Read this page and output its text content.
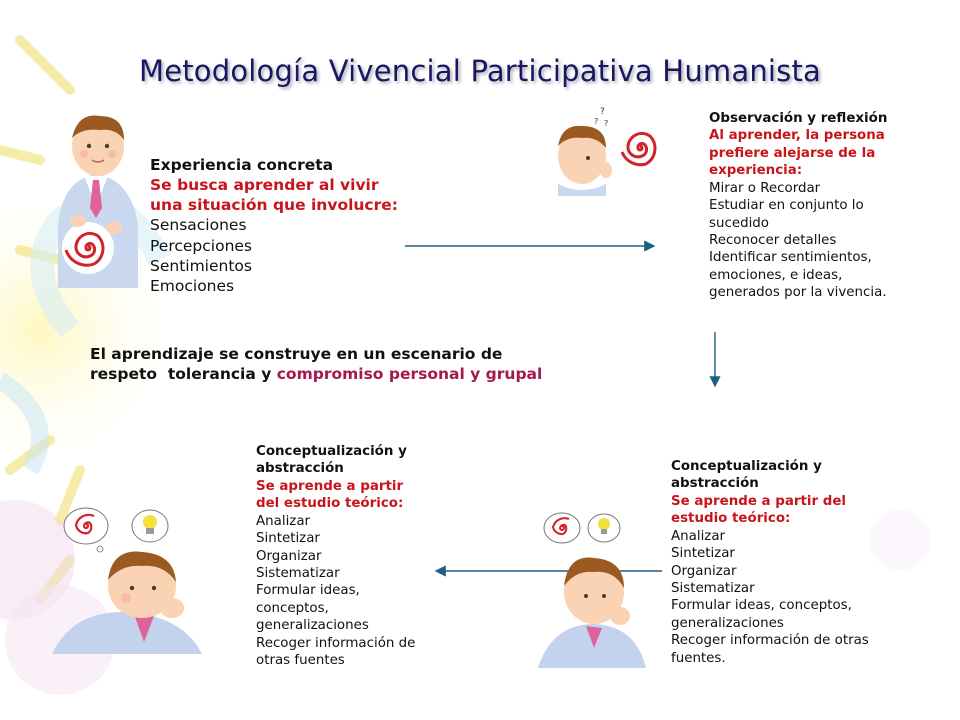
Metodología Vivencial Participativa Humanista
Experiencia concreta
Se busca aprender al vivir
una situación que involucre:
Sensaciones
Percepciones
Sentimientos
Emociones
?
? ?	Observación y reflexión
Al aprender, la persona
prefiere alejarse de la
experiencia:
Mirar o Recordar
Estudiar en conjunto lo
sucedido
Reconocer detalles
Identificar sentimientos,
emociones, e ideas,
generados por la vivencia.
El aprendizaje se construye en un escenario de
respeto  tolerancia y compromiso personal y grupal
Conceptualización y
abstracción
Se aprende a partir
del estudio teórico:
Analizar
Sintetizar
Organizar
Sistematizar
Formular ideas,
conceptos,
generalizaciones
Recoger información de
otras fuentes
Conceptualización y
abstracción
Se aprende a partir del
estudio teórico:
Analizar
Sintetizar
Organizar
Sistematizar
Formular ideas, conceptos,
generalizaciones
Recoger información de otras
fuentes.
